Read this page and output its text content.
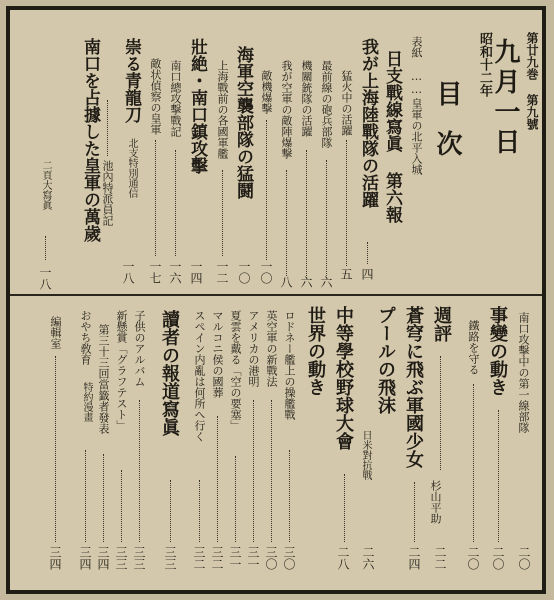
昭和十二年
九月一日 第廿九巻 第九號
目次
表紙
……
皇軍の北平入城
日支戰線寫眞 第六報
我が上海陸戰隊の活躍
四
猛火中の活躍
五
最前線の砲兵部隊
六
機關銃隊の活躍
六
我が空軍の敵陣爆撃
八
敵機爆擊
一〇
海軍空襲部隊の猛鬪
一〇
上海戰前の各國軍艦
一二
壯絶・南口鎮攻擊
一四
南口總攻擊戰記
一六
敵状偵察の皇軍
一七
崇る青龍刀
北支特別通信
一八
池內特派員記
南口を占據した皇軍の萬歲
二頁大寫眞
一八
南口攻擊中の第一線部隊
二〇
事變の動き
二〇
鐵路を守る
二〇
週評
杉山平助
二二
蒼穹に飛ぶ軍國少女
二四
プールの飛沫
日米對抗戰
二六
中等學校野球大會
二八
世界の動き
ロドネー艦上の操艦戰
三〇
英空軍の新戰法
三〇
アメリカの港明
三一
夏雲を戴る「空の要塞」
三一
マルコニ侯の國葬
三二
スペイン内亂は何所へ行く
三二
讀者の報道寫眞
三三
子供のアルバム
三三
新懸賞「グラフテスト」
三三
第三十三回當籤者發表
三四
おやち敎育
特約漫畫
三四
編輯室
三四
